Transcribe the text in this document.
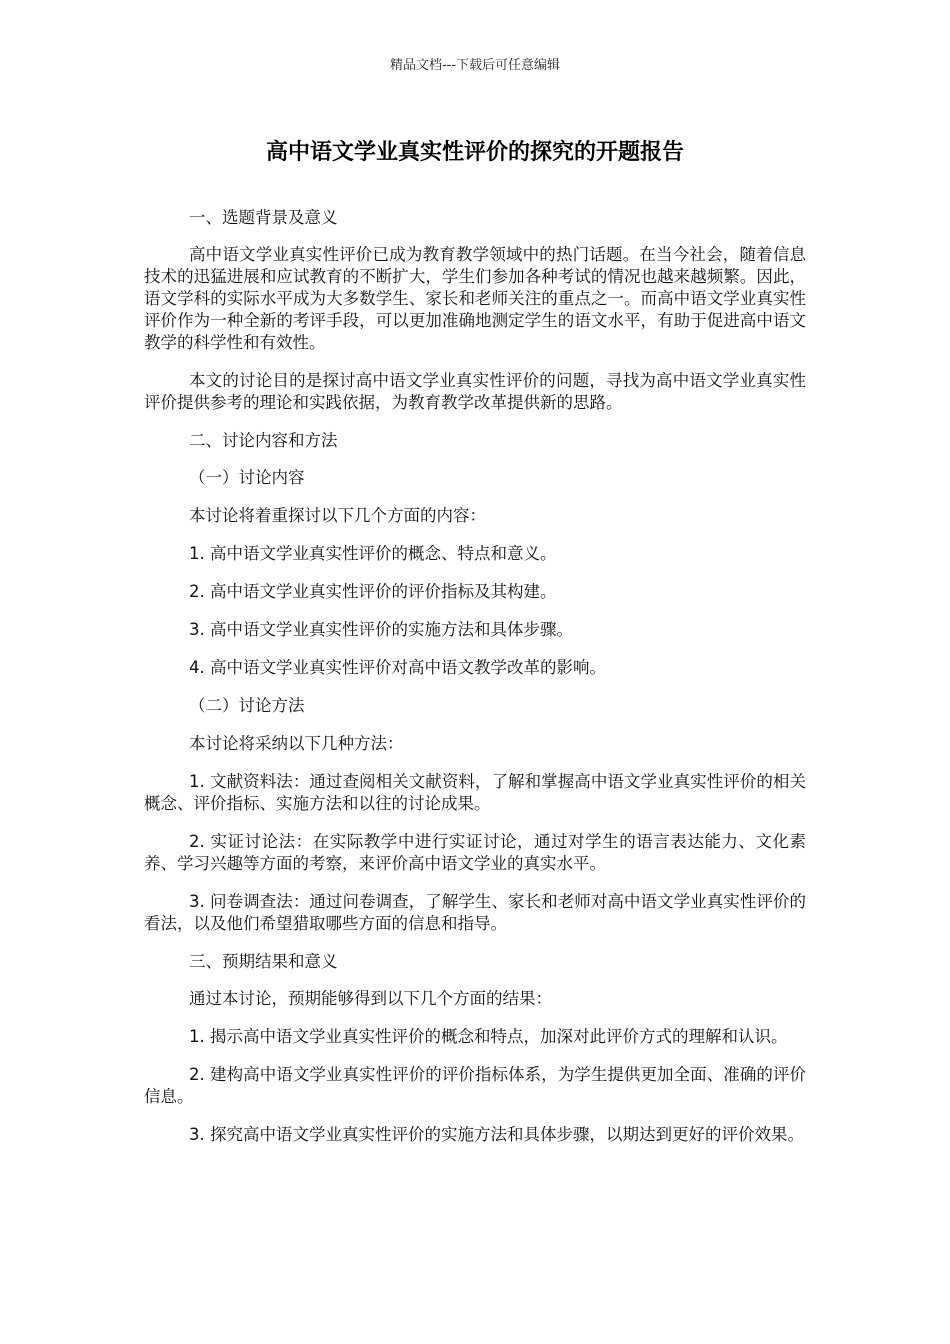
精品文档---下载后可任意编辑
高中语文学业真实性评价的探究的开题报告

一、选题背景及意义

高中语文学业真实性评价已成为教育教学领域中的热门话题。在当今社会，随着信息技术的迅猛进展和应试教育的不断扩大，学生们参加各种考试的情况也越来越频繁。因此，语文学科的实际水平成为大多数学生、家长和老师关注的重点之一。而高中语文学业真实性评价作为一种全新的考评手段，可以更加准确地测定学生的语文水平，有助于促进高中语文教学的科学性和有效性。

本文的讨论目的是探讨高中语文学业真实性评价的问题，寻找为高中语文学业真实性评价提供参考的理论和实践依据，为教育教学改革提供新的思路。

二、讨论内容和方法

（一）讨论内容

本讨论将着重探讨以下几个方面的内容：

1. 高中语文学业真实性评价的概念、特点和意义。

2. 高中语文学业真实性评价的评价指标及其构建。

3. 高中语文学业真实性评价的实施方法和具体步骤。

4. 高中语文学业真实性评价对高中语文教学改革的影响。

（二）讨论方法

本讨论将采纳以下几种方法：

1. 文献资料法：通过查阅相关文献资料，了解和掌握高中语文学业真实性评价的相关概念、评价指标、实施方法和以往的讨论成果。

2. 实证讨论法：在实际教学中进行实证讨论，通过对学生的语言表达能力、文化素养、学习兴趣等方面的考察，来评价高中语文学业的真实水平。

3. 问卷调查法：通过问卷调查，了解学生、家长和老师对高中语文学业真实性评价的看法，以及他们希望猎取哪些方面的信息和指导。

三、预期结果和意义

通过本讨论，预期能够得到以下几个方面的结果：

1. 揭示高中语文学业真实性评价的概念和特点，加深对此评价方式的理解和认识。

2. 建构高中语文学业真实性评价的评价指标体系，为学生提供更加全面、准确的评价信息。

3. 探究高中语文学业真实性评价的实施方法和具体步骤，以期达到更好的评价效果。
